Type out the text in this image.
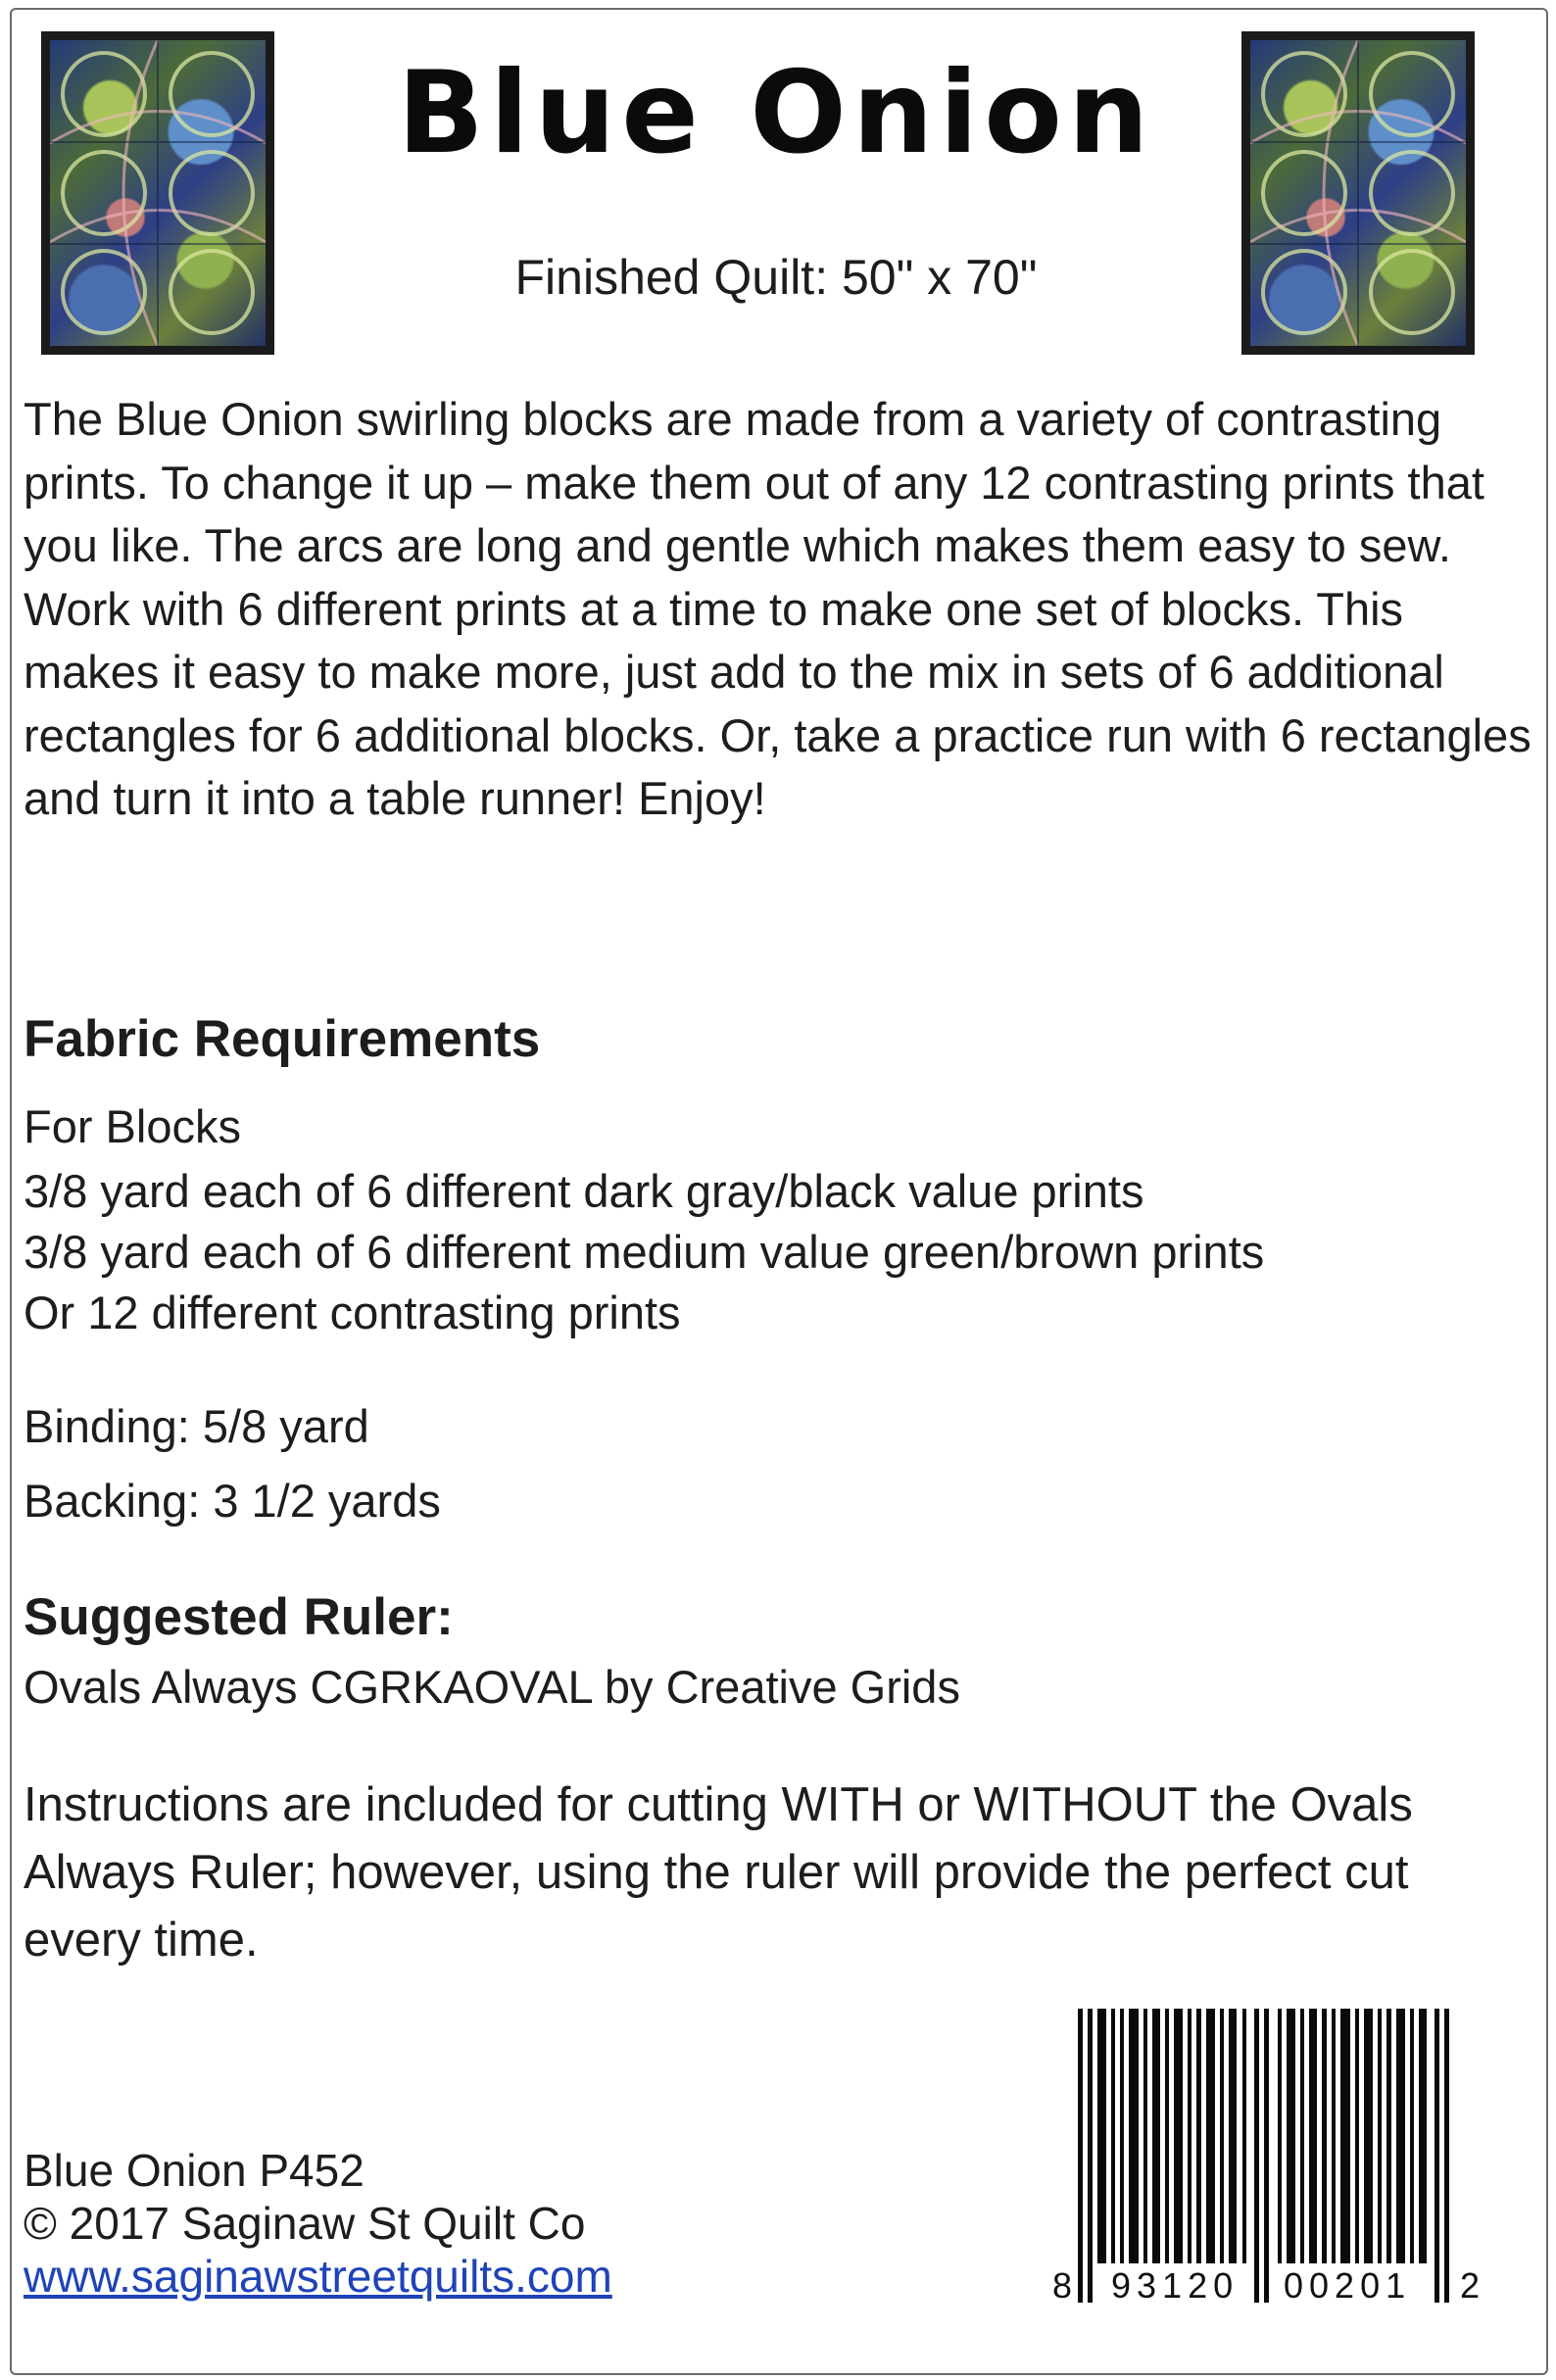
Blue Onion
Finished Quilt: 50" x 70"

The Blue Onion swirling blocks are made from a variety of contrasting prints. To change it up – make them out of any 12 contrasting prints that you like. The arcs are long and gentle which makes them easy to sew. Work with 6 different prints at a time to make one set of blocks. This makes it easy to make more, just add to the mix in sets of 6 additional rectangles for 6 additional blocks. Or, take a practice run with 6 rectangles and turn it into a table runner! Enjoy!

Fabric Requirements

For Blocks

3/8 yard each of 6 different dark gray/black value prints

3/8 yard each of 6 different medium value green/brown prints

Or 12 different contrasting prints

Binding: 5/8 yard

Backing: 3 1/2 yards

Suggested Ruler:

Ovals Always CGRKAOVAL by Creative Grids

Instructions are included for cutting WITH or WITHOUT the Ovals Always Ruler; however, using the ruler will provide the perfect cut every time.

Blue Onion P452
© 2017 Saginaw St Quilt Co
www.saginawstreetquilts.com	8 93120 00201 2
